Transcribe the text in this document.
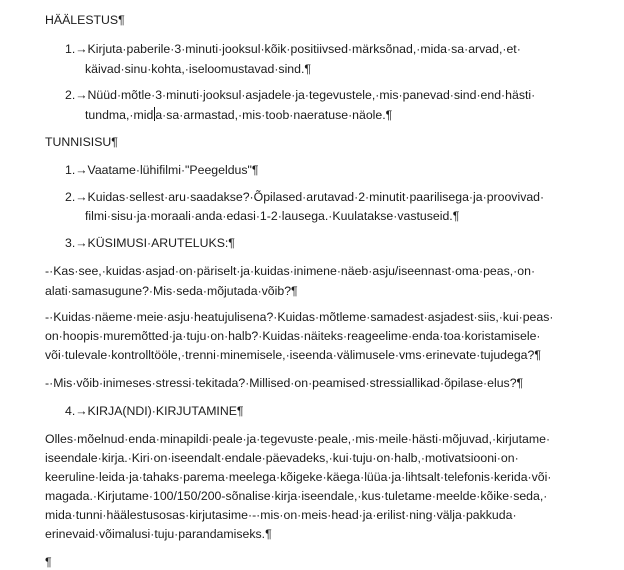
HÄÄLESTUS¶
1.→Kirjuta·paberile·3·minuti·jooksul·kõik·positiivsed·märksõnad,·mida·sa·arvad,·et·
käivad·sinu·kohta,·iseloomustavad·sind.¶
2.→Nüüd·mõtle·3·minuti·jooksul·asjadele·ja·tegevustele,·mis·panevad·sind·end·hästi·
tundma,·mid a·sa·armastad,·mis·toob·naeratuse·näole.¶
TUNNISISU¶
1.→Vaatame·lühifilmi·"Peegeldus"¶
2.→Kuidas·sellest·aru·saadakse?·Õpilased·arutavad·2·minutit·paarilisega·ja·proovivad·
filmi·sisu·ja·moraali·anda·edasi·1-2·lausega.·Kuulatakse·vastuseid.¶
3.→KÜSIMUSI·ARUTELUKS:¶
-·Kas·see,·kuidas·asjad·on·päriselt·ja·kuidas·inimene·näeb·asju/iseennast·oma·peas,·on·
alati·samasugune?·Mis·seda·mõjutada·võib?¶
-·Kuidas·näeme·meie·asju·heatujulisena?·Kuidas·mõtleme·samadest·asjadest·siis,·kui·peas·
on·hoopis·muremõtted·ja·tuju·on·halb?·Kuidas·näiteks·reageelime·enda·toa·koristamisele·
või·tulevale·kontrolltööle,·trenni·minemisele,·iseenda·välimusele·vms·erinevate·tujudega?¶
-·Mis·võib·inimeses·stressi·tekitada?·Millised·on·peamised·stressiallikad·õpilase·elus?¶
4.→KIRJA(NDI)·KIRJUTAMINE¶
Olles·mõelnud·enda·minapildi·peale·ja·tegevuste·peale,·mis·meile·hästi·mõjuvad,·kirjutame·
iseendale·kirja.·Kiri·on·iseendalt·endale·päevadeks,·kui·tuju·on·halb,·motivatsiooni·on·
keeruline·leida·ja·tahaks·parema·meelega·kõigeke·käega·lüüa·ja·lihtsalt·telefonis·kerida·või·
magada.·Kirjutame·100/150/200-sõnalise·kirja·iseendale,·kus·tuletame·meelde·kõike·seda,·
mida·tunni·häälestusosas·kirjutasime·-·mis·on·meis·head·ja·erilist·ning·välja·pakkuda·
erinevaid·võimalusi·tuju·parandamiseks.¶
¶
